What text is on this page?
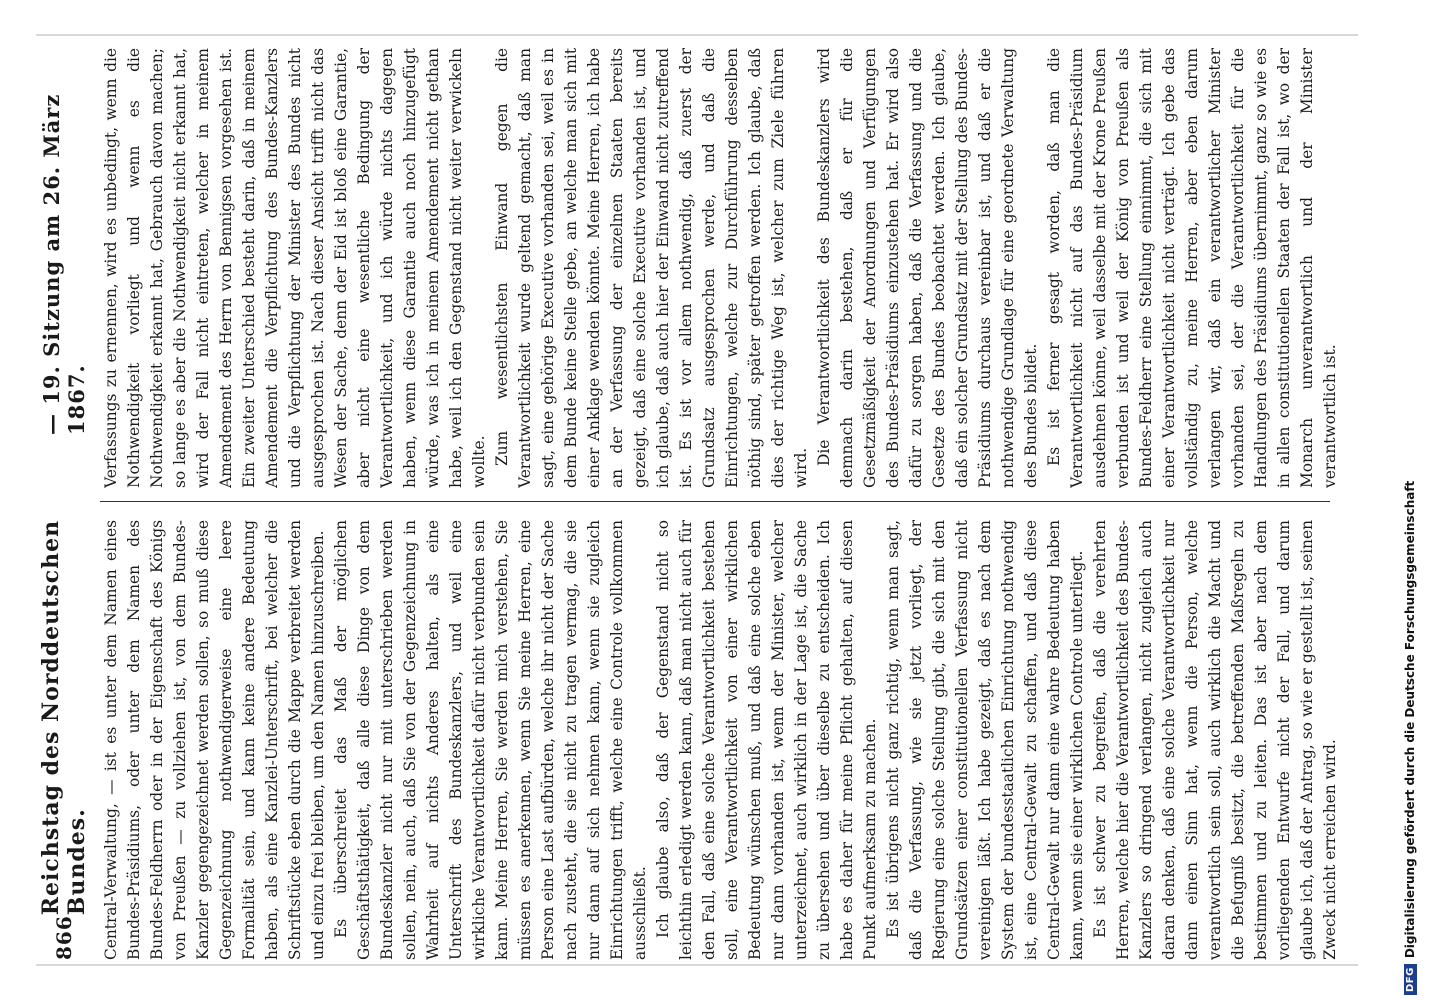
866
Reichstag des Norddeutschen Bundes.
— 19. Sitzung am 26. März 1867.

Central-Verwaltung, — ist es unter dem Namen eines Bundes-Präsidiums, oder unter dem Namen des Bundes-Feldherrn oder in der Eigenschaft des Königs von Preußen — zu vollziehen ist, von dem Bundes-Kanzler gegengezeichnet werden sollen, so muß diese Gegenzeichnung nothwendigerweise eine leere Formalität sein, und kann keine andere Bedeutung haben, als eine Kanzlei-Unterschrift, bei welcher die Schriftstücke eben durch die Mappe verbreitet werden und einzu frei bleiben, um den Namen hinzuschreiben. Es überschreitet das Maß der möglichen Geschäftsthätigkeit, daß alle diese Dinge von dem Bundeskanzler nicht nur mit unterschrieben werden sollen, nein, auch, daß Sie von der Gegenzeichnung in Wahrheit auf nichts Anderes halten, als eine Unterschrift des Bundeskanzlers, und weil eine wirkliche Verantwortlichkeit dafür nicht verbunden sein kann. Meine Herren, Sie werden mich verstehen, Sie müssen es anerkennen, wenn Sie meine Herren, eine Person eine Last aufbürden, welche ihr nicht der Sache nach zusteht, die sie nicht zu tragen vermag, die sie nur dann auf sich nehmen kann, wenn sie zugleich Einrichtungen trifft, welche eine Controle vollkommen ausschließt. Ich glaube also, daß der Gegenstand nicht so leichthin erledigt werden kann, daß man nicht auch für den Fall, daß eine solche Verantwortlichkeit bestehen soll, eine Verantwortlichkeit von einer wirklichen Bedeutung wünschen muß, und daß eine solche eben nur dann vorhanden ist, wenn der Minister, welcher unterzeichnet, auch wirklich in der Lage ist, die Sache zu übersehen und über dieselbe zu entscheiden. Ich habe es daher für meine Pflicht gehalten, auf diesen Punkt aufmerksam zu machen. Es ist übrigens nicht ganz richtig, wenn man sagt, daß die Verfassung, wie sie jetzt vorliegt, der Regierung eine solche Stellung gibt, die sich mit den Grundsätzen einer constitutionellen Verfassung nicht vereinigen läßt. Ich habe gezeigt, daß es nach dem System der bundesstaatlichen Einrichtung nothwendig ist, eine Central-Gewalt zu schaffen, und daß diese Central-Gewalt nur dann eine wahre Bedeutung haben kann, wenn sie einer wirklichen Controle unterliegt. Es ist schwer zu begreifen, daß die verehrten Herren, welche hier die Verantwortlichkeit des Bundes-Kanzlers so dringend verlangen, nicht zugleich auch daran denken, daß eine solche Verantwortlichkeit nur dann einen Sinn hat, wenn die Person, welche verantwortlich sein soll, auch wirklich die Macht und die Befugniß besitzt, die betreffenden Maßregeln zu bestimmen und zu leiten. Das ist aber nach dem vorliegenden Entwurfe nicht der Fall, und darum glaube ich, daß der Antrag, so wie er gestellt ist, seinen Zweck nicht erreichen wird.

Verfassungs zu ernennen, wird es unbedingt, wenn die Nothwendigkeit vorliegt und wenn es die Nothwendigkeit erkannt hat, Gebrauch davon machen; so lange es aber die Nothwendigkeit nicht erkannt hat, wird der Fall nicht eintreten, welcher in meinem Amendement des Herrn von Bennigsen vorgesehen ist. Ein zweiter Unterschied besteht darin, daß in meinem Amendement die Verpflichtung des Bundes-Kanzlers und die Verpflichtung der Minister des Bundes nicht ausgesprochen ist. Nach dieser Ansicht trifft nicht das Wesen der Sache, denn der Eid ist bloß eine Garantie, aber nicht eine wesentliche Bedingung der Verantwortlichkeit, und ich würde nichts dagegen haben, wenn diese Garantie auch noch hinzugefügt würde, was ich in meinem Amendement nicht gethan habe, weil ich den Gegenstand nicht weiter verwickeln wollte. Zum wesentlichsten Einwand gegen die Verantwortlichkeit wurde geltend gemacht, daß man sagt, eine gehörige Executive vorhanden sei, weil es in dem Bunde keine Stelle gebe, an welche man sich mit einer Anklage wenden könnte. Meine Herren, ich habe an der Verfassung der einzelnen Staaten bereits gezeigt, daß eine solche Executive vorhanden ist, und ich glaube, daß auch hier der Einwand nicht zutreffend ist. Es ist vor allem nothwendig, daß zuerst der Grundsatz ausgesprochen werde, und daß die Einrichtungen, welche zur Durchführung desselben nöthig sind, später getroffen werden. Ich glaube, daß dies der richtige Weg ist, welcher zum Ziele führen wird.

Die Verantwortlichkeit des Bundeskanzlers wird demnach darin bestehen, daß er für die Gesetzmäßigkeit der Anordnungen und Verfügungen des Bundes-Präsidiums einzustehen hat. Er wird also dafür zu sorgen haben, daß die Verfassung und die Gesetze des Bundes beobachtet werden. Ich glaube, daß ein solcher Grundsatz mit der Stellung des Bundes-Präsidiums durchaus vereinbar ist, und daß er die nothwendige Grundlage für eine geordnete Verwaltung des Bundes bildet. Es ist ferner gesagt worden, daß man die Verantwortlichkeit nicht auf das Bundes-Präsidium ausdehnen könne, weil dasselbe mit der Krone Preußen verbunden ist und weil der König von Preußen als Bundes-Feldherr eine Stellung einnimmt, die sich mit einer Verantwortlichkeit nicht verträgt. Ich gebe das vollständig zu, meine Herren, aber eben darum verlangen wir, daß ein verantwortlicher Minister vorhanden sei, der die Verantwortlichkeit für die Handlungen des Präsidiums übernimmt, ganz so wie es in allen constitutionellen Staaten der Fall ist, wo der Monarch unverantwortlich und der Minister verantwortlich ist.

DFG
Digitalisierung gefördert durch die Deutsche Forschungsgemeinschaft
